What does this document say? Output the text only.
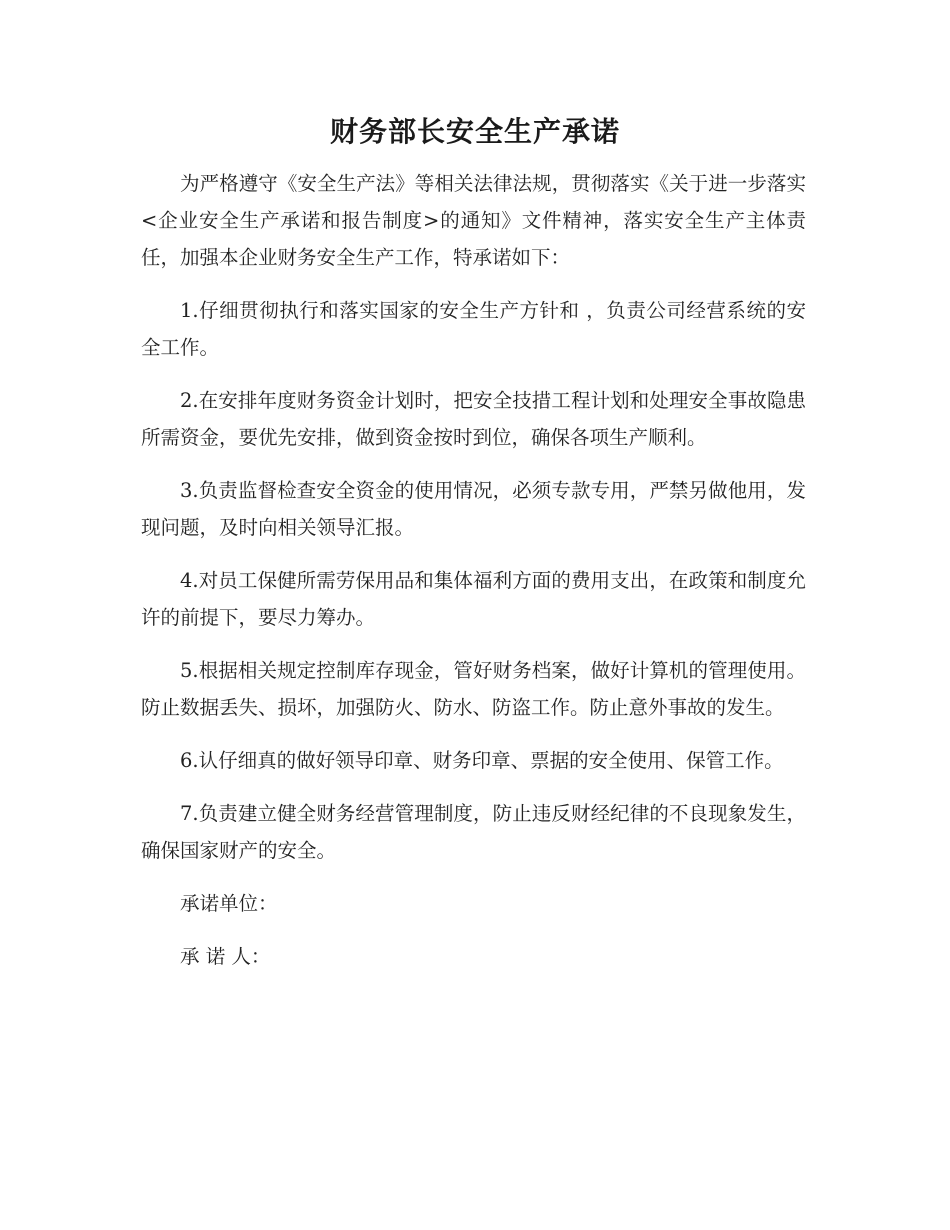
财务部长安全生产承诺

为严格遵守《安全生产法》等相关法律法规，贯彻落实《关于进一步落实<企业安全生产承诺和报告制度>的通知》文件精神，落实安全生产主体责任，加强本企业财务安全生产工作，特承诺如下：

1.仔细贯彻执行和落实国家的安全生产方针和 ，负责公司经营系统的安全工作。

2.在安排年度财务资金计划时，把安全技措工程计划和处理安全事故隐患所需资金，要优先安排，做到资金按时到位，确保各项生产顺利。

3.负责监督检查安全资金的使用情况，必须专款专用，严禁另做他用，发现问题，及时向相关领导汇报。

4.对员工保健所需劳保用品和集体福利方面的费用支出，在政策和制度允许的前提下，要尽力筹办。

5.根据相关规定控制库存现金，管好财务档案，做好计算机的管理使用。防止数据丢失、损坏，加强防火、防水、防盗工作。防止意外事故的发生。

6.认仔细真的做好领导印章、财务印章、票据的安全使用、保管工作。

7.负责建立健全财务经营管理制度，防止违反财经纪律的不良现象发生，确保国家财产的安全。

承诺单位：

承 诺 人：
